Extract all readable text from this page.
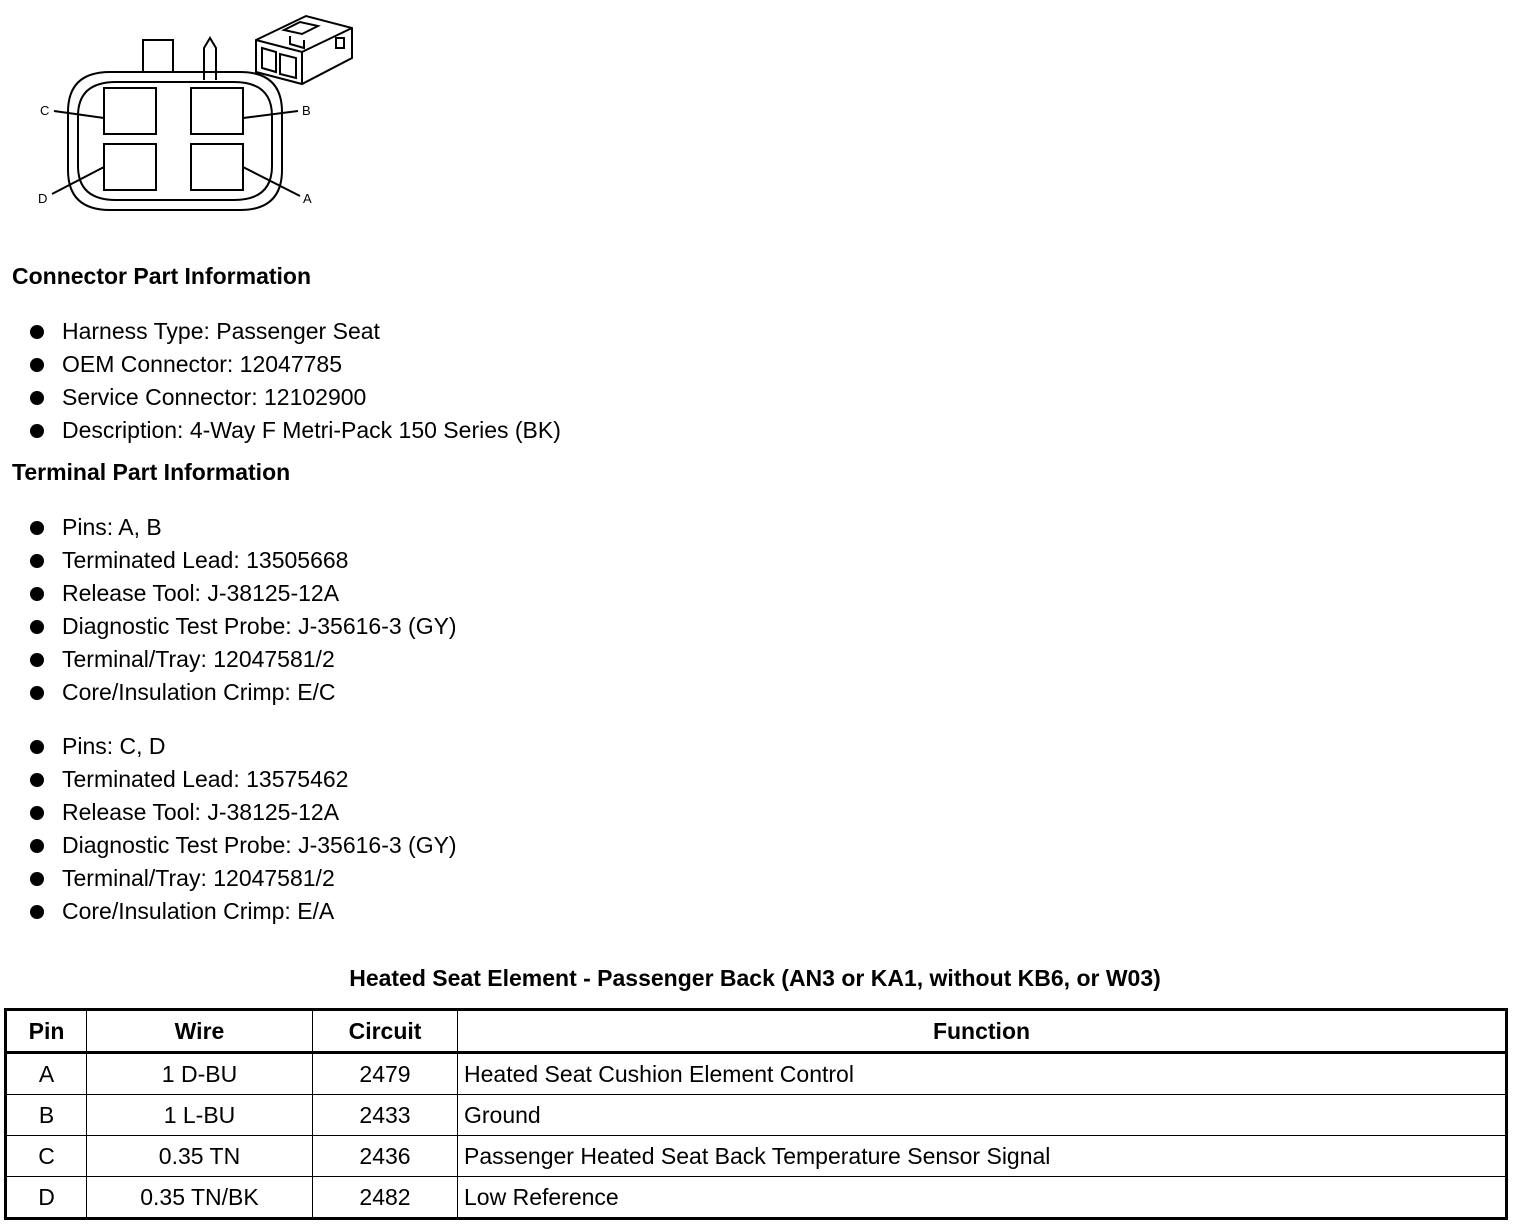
C	B
D	A
Connector Part Information
Harness Type: Passenger Seat
OEM Connector: 12047785
Service Connector: 12102900
Description: 4-Way F Metri-Pack 150 Series (BK)
Terminal Part Information
Pins: A, B
Terminated Lead: 13505668
Release Tool: J-38125-12A
Diagnostic Test Probe: J-35616-3 (GY)
Terminal/Tray: 12047581/2
Core/Insulation Crimp: E/C
Pins: C, D
Terminated Lead: 13575462
Release Tool: J-38125-12A
Diagnostic Test Probe: J-35616-3 (GY)
Terminal/Tray: 12047581/2
Core/Insulation Crimp: E/A
Heated Seat Element - Passenger Back (AN3 or KA1, without KB6, or W03)
Pin	Wire	Circuit	Function
A	1 D-BU	2479	Heated Seat Cushion Element Control
B	1 L-BU	2433	Ground
C	0.35 TN	2436	Passenger Heated Seat Back Temperature Sensor Signal
D	0.35 TN/BK	2482	Low Reference
